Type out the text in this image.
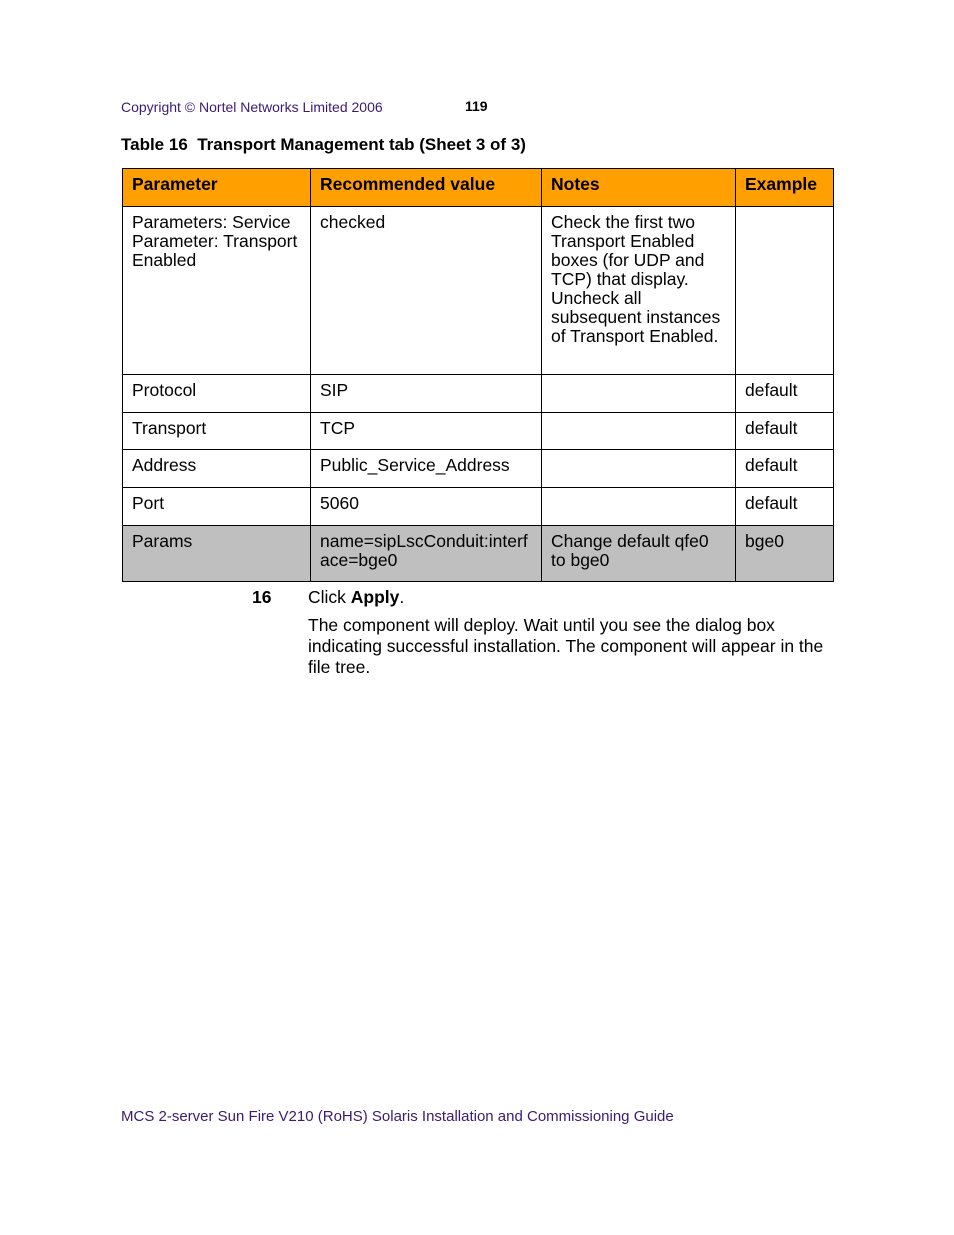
Copyright © Nortel Networks Limited 2006	119
Table 16  Transport Management tab (Sheet 3 of 3)
Parameter	Recommended value	Notes	Example
Parameters: Service Parameter: Transport Enabled	checked	Check the first two Transport Enabled boxes (for UDP and TCP) that display. Uncheck all subsequent instances of Transport Enabled.	
Protocol	SIP		default
Transport	TCP		default
Address	Public_Service_Address		default
Port	5060		default
Params	name=sipLscConduit:interface=bge0	Change default qfe0 to bge0	bge0
16 Click Apply.
The component will deploy. Wait until you see the dialog box indicating successful installation. The component will appear in the file tree.
MCS 2-server Sun Fire V210 (RoHS) Solaris Installation and Commissioning Guide
